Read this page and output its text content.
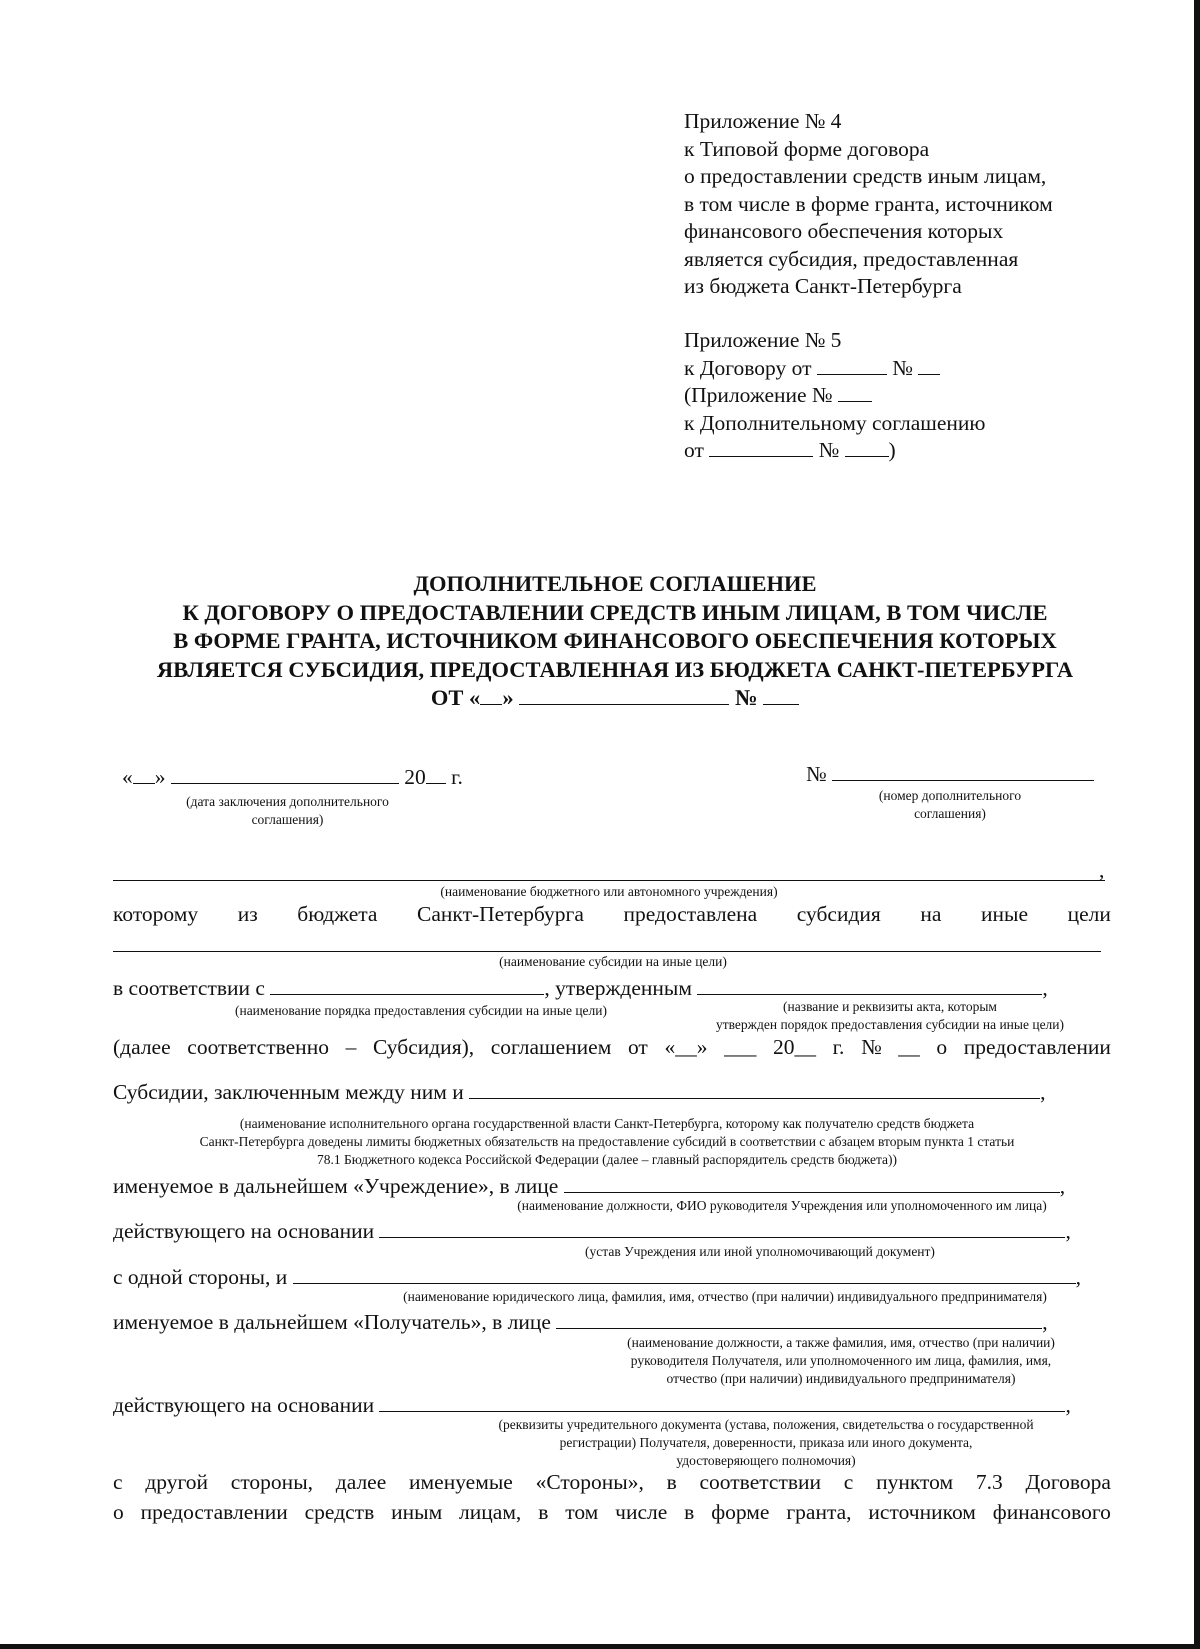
Приложение № 4
к Типовой форме договора
о предоставлении средств иным лицам,
в том числе в форме гранта, источником
финансового обеспечения которых
является субсидия, предоставленная
из бюджета Санкт-Петербурга
Приложение № 5
к Договору от	№
(Приложение №
к Дополнительному соглашению
от	№ )
ДОПОЛНИТЕЛЬНОЕ СОГЛАШЕНИЕ
К ДОГОВОРУ О ПРЕДОСТАВЛЕНИИ СРЕДСТВ ИНЫМ ЛИЦАМ, В ТОМ ЧИСЛЕ
В ФОРМЕ ГРАНТА, ИСТОЧНИКОМ ФИНАНСОВОГО ОБЕСПЕЧЕНИЯ КОТОРЫХ
ЯВЛЯЕТСЯ СУБСИДИЯ, ПРЕДОСТАВЛЕННАЯ ИЗ БЮДЖЕТА САНКТ-ПЕТЕРБУРГА
ОТ « »	№
« »	20 г.
(дата заключения дополнительного
соглашения)
№
(номер дополнительного
соглашения)
,
(наименование бюджетного или автономного учреждения)
которому из бюджета Санкт-Петербурга предоставлена субсидия на иные цели
(наименование субсидии на иные цели)
в соответствии с	, утвержденным	,
(наименование порядка предоставления субсидии на иные цели)	(название и реквизиты акта, которым
утвержден порядок предоставления субсидии на иные цели)
(далее соответственно – Субсидия), соглашением от «__» ___ 20__ г. № __ о предоставлении
Субсидии, заключенным между ним и	,
(наименование исполнительного органа государственной власти Санкт-Петербурга, которому как получателю средств бюджета
Санкт-Петербурга доведены лимиты бюджетных обязательств на предоставление субсидий в соответствии с абзацем вторым пункта 1 статьи
78.1 Бюджетного кодекса Российской Федерации (далее – главный распорядитель средств бюджета))
именуемое в дальнейшем «Учреждение», в лице	,
(наименование должности, ФИО руководителя Учреждения или уполномоченного им лица)
действующего на основании	,
(устав Учреждения или иной уполномочивающий документ)
с одной стороны, и	,
(наименование юридического лица, фамилия, имя, отчество (при наличии) индивидуального предпринимателя)
именуемое в дальнейшем «Получатель», в лице	,
(наименование должности, а также фамилия, имя, отчество (при наличии)
руководителя Получателя, или уполномоченного им лица, фамилия, имя,
отчество (при наличии) индивидуального предпринимателя)
действующего на основании	,
(реквизиты учредительного документа (устава, положения, свидетельства о государственной
регистрации) Получателя, доверенности, приказа или иного документа,
удостоверяющего полномочия)
с другой стороны, далее именуемые «Стороны», в соответствии с пунктом 7.3 Договора
о предоставлении средств иным лицам, в том числе в форме гранта, источником финансового
